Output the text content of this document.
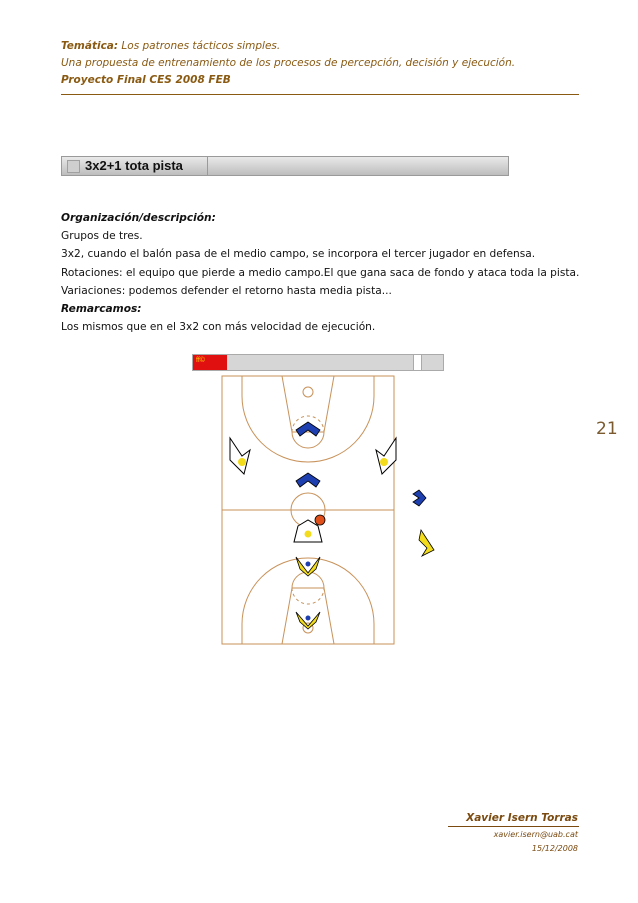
Temática: Los patrones tácticos simples.
Una propuesta de entrenamiento de los procesos de percepción, decisión y ejecución.
Proyecto Final CES 2008 FEB
3x2+1 tota pista
Organización/descripción:
Grupos de tres.
3x2, cuando el balón pasa de el medio campo, se incorpora el tercer jugador en defensa.
Rotaciones: el equipo que pierde a medio campo.El que gana saca de fondo y ataca toda la pista.
Variaciones: podemos defender el retorno hasta media pista...
Remarcamos:
Los mismos que en el 3x2 con más velocidad de ejecución.
ff©
21
Xavier Isern Torras
xavier.isern@uab.cat
15/12/2008
